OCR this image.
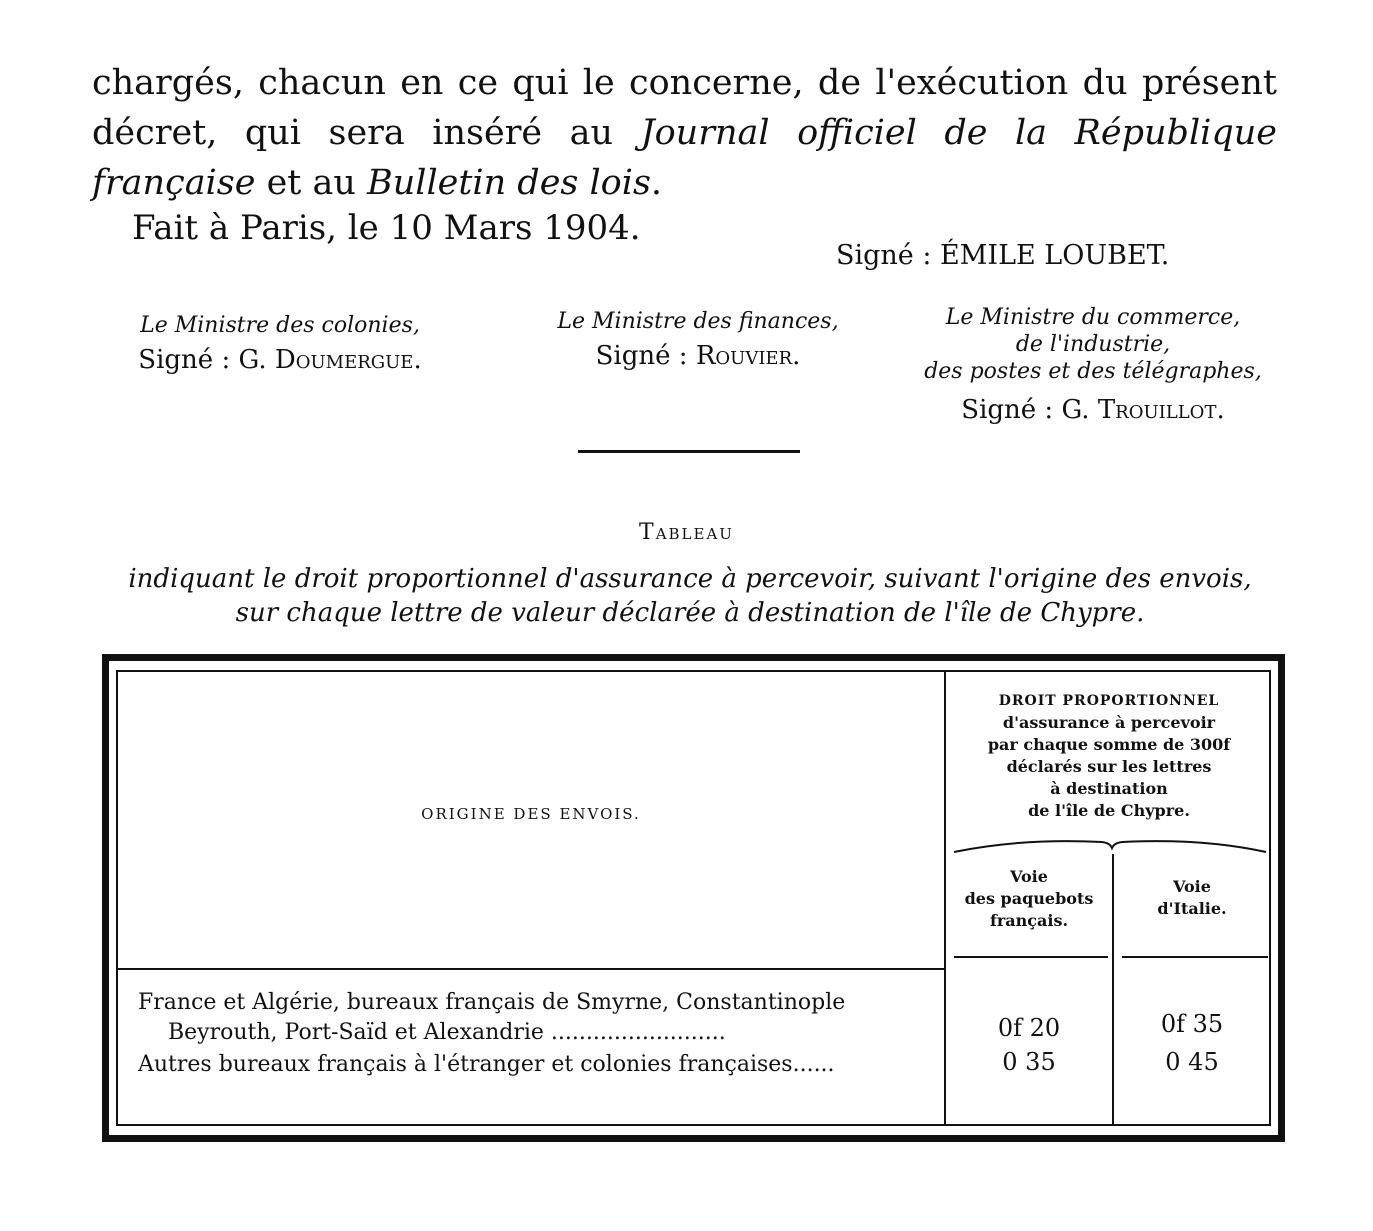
chargés, chacun en ce qui le concerne, de l'exécution du présent décret, qui sera inséré au Journal officiel de la République française et au Bulletin des lois.
Fait à Paris, le 10 Mars 1904.
Signé : ÉMILE LOUBET.
Le Ministre des colonies,
Signé : G. Doumergue.
Le Ministre des finances,
Signé : Rouvier.
Le Ministre du commerce,
de l'industrie,
des postes et des télégraphes,
Signé : G. Trouillot.
Tableau
indiquant le droit proportionnel d'assurance à percevoir, suivant l'origine des envois,
sur chaque lettre de valeur déclarée à destination de l'île de Chypre.
ORIGINE DES ENVOIS.
DROIT PROPORTIONNEL
d'assurance à percevoir
par chaque somme de 300f
déclarés sur les lettres
à destination
de l'île de Chypre.
Voie
des paquebots
français.
Voie
d'Italie.
France et Algérie, bureaux français de Smyrne, Constantinople
Beyrouth, Port-Saïd et Alexandrie .........................	0f 20	0f 35
Autres bureaux français à l'étranger et colonies françaises......	0 35	0 45
